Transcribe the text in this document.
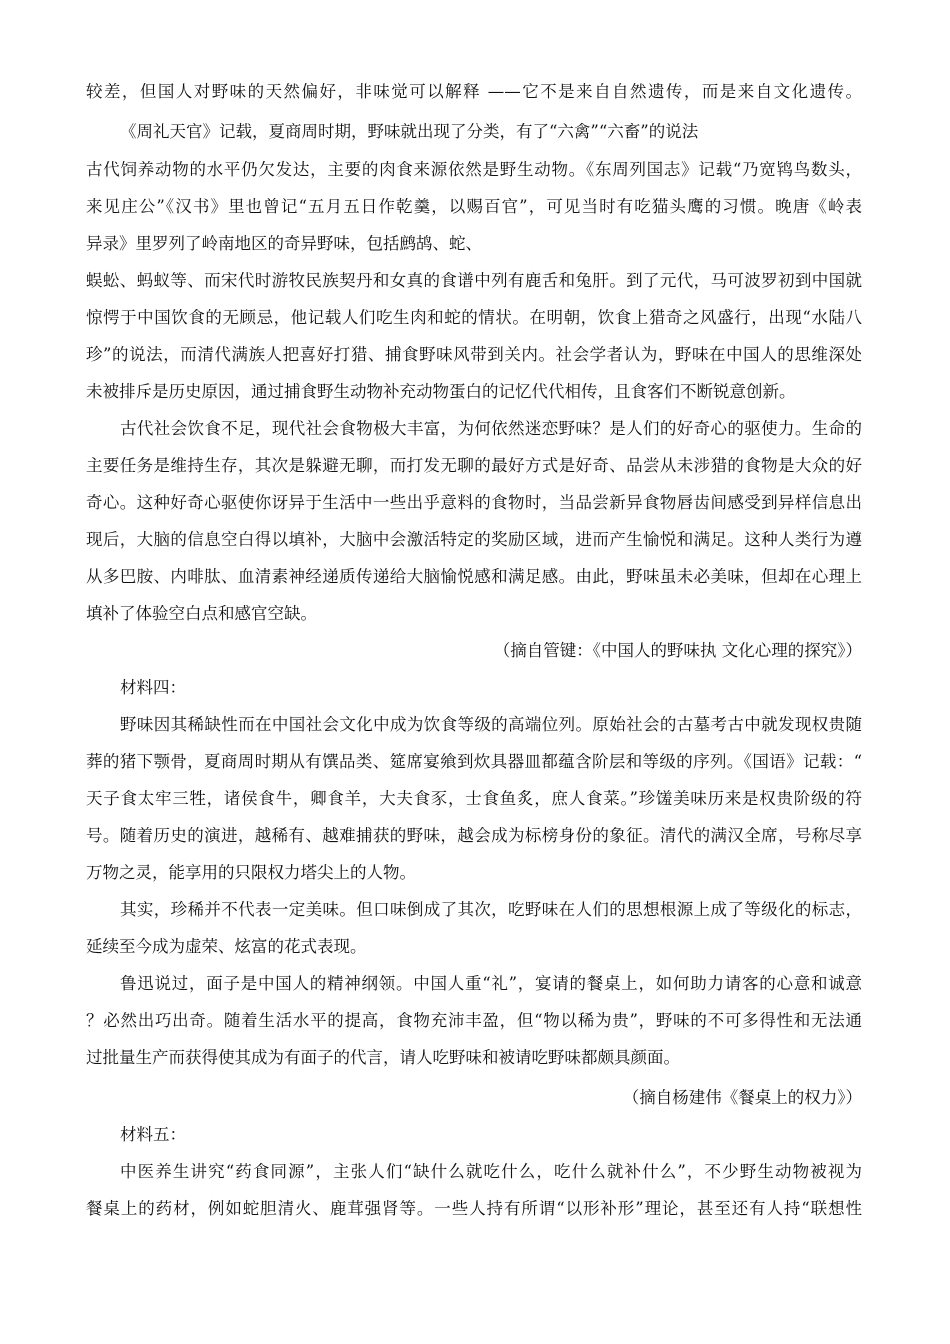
较差，但国人对野味的天然偏好，非味觉可以解释 ——它不是来自自然遗传，而是来自文化遗传。
《周礼天官》记载，夏商周时期，野味就出现了分类，有了“六禽”“六畜”的说法
古代饲养动物的水平仍欠发达，主要的肉食来源依然是野生动物。《东周列国志》记载“乃宽鸨鸟数头，
来见庄公”《汉书》里也曾记“五月五日作乾羹，以赐百官”，可见当时有吃猫头鹰的习惯。晚唐《岭表
异录》里罗列了岭南地区的奇异野味，包括鹧鸪、蛇、
蜈蚣、蚂蚁等、而宋代时游牧民族契丹和女真的食谱中列有鹿舌和兔肝。到了元代，马可波罗初到中国就
惊愕于中国饮食的无顾忌，他记载人们吃生肉和蛇的情状。在明朝，饮食上猎奇之风盛行，出现“水陆八
珍”的说法，而清代满族人把喜好打猎、捕食野味风带到关内。社会学者认为，野味在中国人的思维深处
未被排斥是历史原因，通过捕食野生动物补充动物蛋白的记忆代代相传，且食客们不断锐意创新。
古代社会饮食不足，现代社会食物极大丰富，为何依然迷恋野味？是人们的好奇心的驱使力。生命的
主要任务是维持生存，其次是躲避无聊，而打发无聊的最好方式是好奇、品尝从未涉猎的食物是大众的好
奇心。这种好奇心驱使你讶异于生活中一些出乎意料的食物时，当品尝新异食物唇齿间感受到异样信息出
现后，大脑的信息空白得以填补，大脑中会激活特定的奖励区域，进而产生愉悦和满足。这种人类行为遵
从多巴胺、内啡肽、血清素神经递质传递给大脑愉悦感和满足感。由此，野味虽未必美味，但却在心理上
填补了体验空白点和感官空缺。
（摘自管键：《中国人的野味执 文化心理的探究》）
材料四：
野味因其稀缺性而在中国社会文化中成为饮食等级的高端位列。原始社会的古墓考古中就发现权贵随
葬的猪下颚骨，夏商周时期从有馔品类、筵席宴飨到炊具器皿都蕴含阶层和等级的序列。《国语》记载：“
天子食太牢三牲，诸侯食牛，卿食羊，大夫食豕，士食鱼炙，庶人食菜。”珍馐美味历来是权贵阶级的符
号。随着历史的演进，越稀有、越难捕获的野味，越会成为标榜身份的象征。清代的满汉全席，号称尽享
万物之灵，能享用的只限权力塔尖上的人物。
其实，珍稀并不代表一定美味。但口味倒成了其次，吃野味在人们的思想根源上成了等级化的标志，
延续至今成为虚荣、炫富的花式表现。
鲁迅说过，面子是中国人的精神纲领。中国人重“礼”，宴请的餐桌上，如何助力请客的心意和诚意
？必然出巧出奇。随着生活水平的提高，食物充沛丰盈，但“物以稀为贵”，野味的不可多得性和无法通
过批量生产而获得使其成为有面子的代言，请人吃野味和被请吃野味都颇具颜面。
（摘自杨建伟《餐桌上的权力》）
材料五：
中医养生讲究“药食同源”，主张人们“缺什么就吃什么，吃什么就补什么”，不少野生动物被视为
餐桌上的药材，例如蛇胆清火、鹿茸强肾等。一些人持有所谓“以形补形”理论，甚至还有人持“联想性
